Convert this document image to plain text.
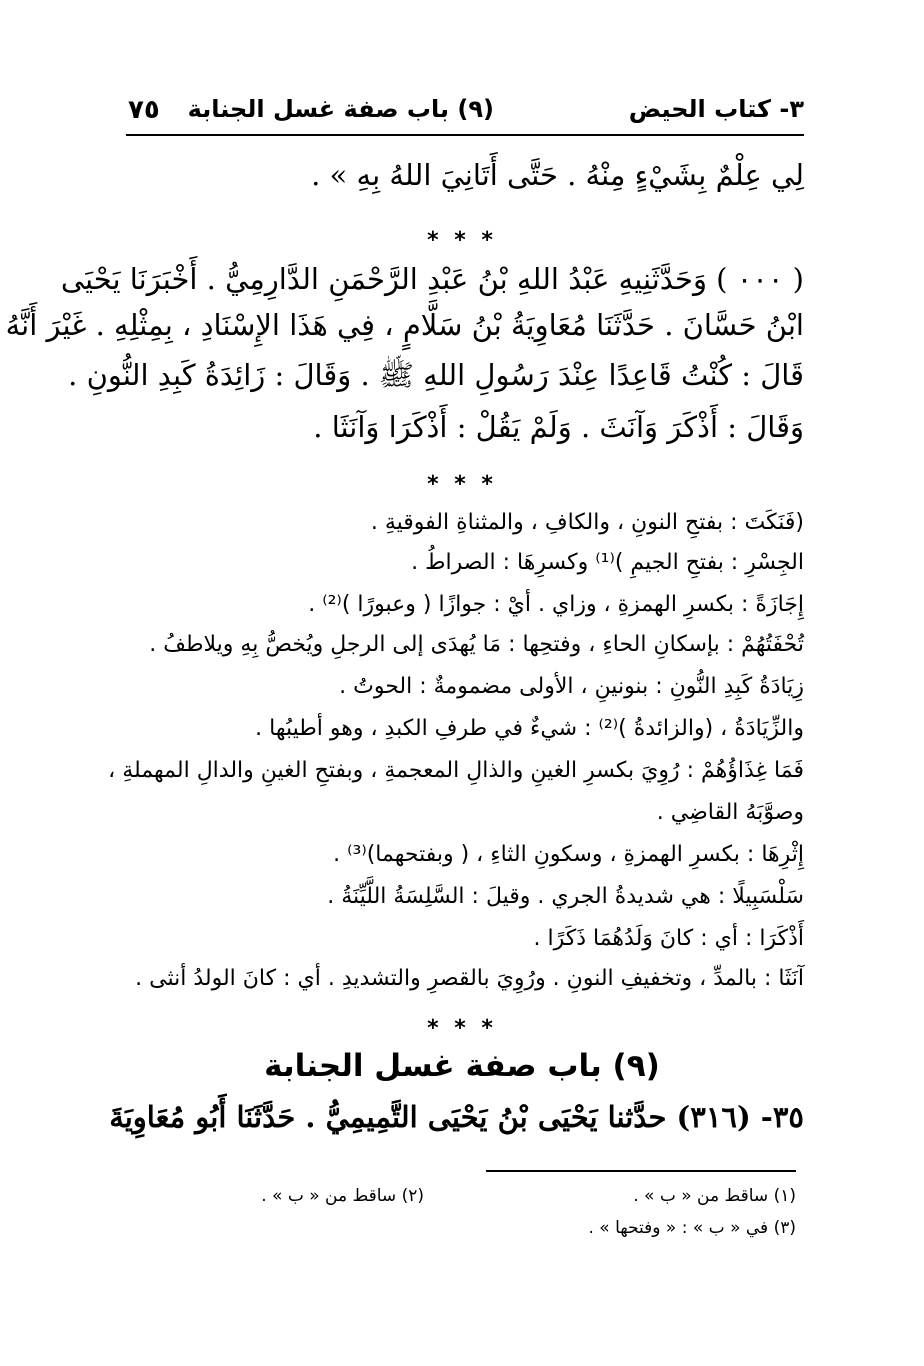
٣- كتاب الحيض
(٩) باب صفة غسل الجنابة
٧٥
لِي عِلْمٌ بِشَيْءٍ مِنْهُ . حَتَّى أَتَانِيَ اللهُ بِهِ » .
* * *
( ٠٠٠ ) وَحَدَّثَنِيهِ عَبْدُ اللهِ بْنُ عَبْدِ الرَّحْمَنِ الدَّارِمِيُّ . أَخْبَرَنَا يَحْيَى
ابْنُ حَسَّانَ . حَدَّثَنَا مُعَاوِيَةُ بْنُ سَلَّامٍ ، فِي هَذَا الإِسْنَادِ ، بِمِثْلِهِ . غَيْرَ أَنَّهُ
قَالَ : كُنْتُ قَاعِدًا عِنْدَ رَسُولِ اللهِ ﷺ . وَقَالَ : زَائِدَةُ كَبِدِ النُّونِ .
وَقَالَ : أَذْكَرَ وَآنَثَ . وَلَمْ يَقُلْ : أَذْكَرَا وَآنَثَا .
* * *
(فَنَكَتَ : بفتحِ النونِ ، والكافِ ، والمثناةِ الفوقيةِ .
الجِسْرِ : بفتحِ الجيمِ )⁽¹⁾ وكسرِهَا : الصراطُ .
إِجَازَةً : بكسرِ الهمزةِ ، وزاي . أيْ : جوازًا ( وعبورًا )⁽²⁾ .
تُحْفَتُهُمْ : بإسكانِ الحاءِ ، وفتحِها : مَا يُهدَى إلى الرجلِ ويُخصُّ بِهِ ويلاطفُ .
زِيَادَةُ كَبِدِ النُّونِ : بنونينِ ، الأولى مضمومةٌ : الحوتُ .
والزِّيَادَةُ ، (والزائدةُ )⁽²⁾ : شيءٌ في طرفِ الكبدِ ، وهو أطيبُها .
فَمَا غِذَاؤُهُمْ : رُوِيَ بكسرِ الغينِ والذالِ المعجمةِ ، وبفتحِ الغينِ والدالِ المهملةِ ،
وصوَّبَهُ القاضِي .
إِثْرِهَا : بكسرِ الهمزةِ ، وسكونِ الثاءِ ، ( وبفتحهما)⁽³⁾ .
سَلْسَبِيلًا : هي شديدةُ الجري . وقيلَ : السَّلِسَةُ اللَّيِّنَةُ .
أَذْكَرَا : أي : كانَ وَلَدُهُمَا ذَكَرًا .
آنَثَا : بالمدِّ ، وتخفيفِ النونِ . ورُوِيَ بالقصرِ والتشديدِ . أي : كانَ الولدُ أنثى .
* * *
(٩) باب صفة غسل الجنابة
٣٥- (٣١٦) حدَّثنا يَحْيَى بْنُ يَحْيَى التَّمِيمِيُّ . حَدَّثَنَا أَبُو مُعَاوِيَةَ
(١) ساقط من « ب » .
(٢) ساقط من « ب » .
(٣) في « ب » : « وفتحها » .
